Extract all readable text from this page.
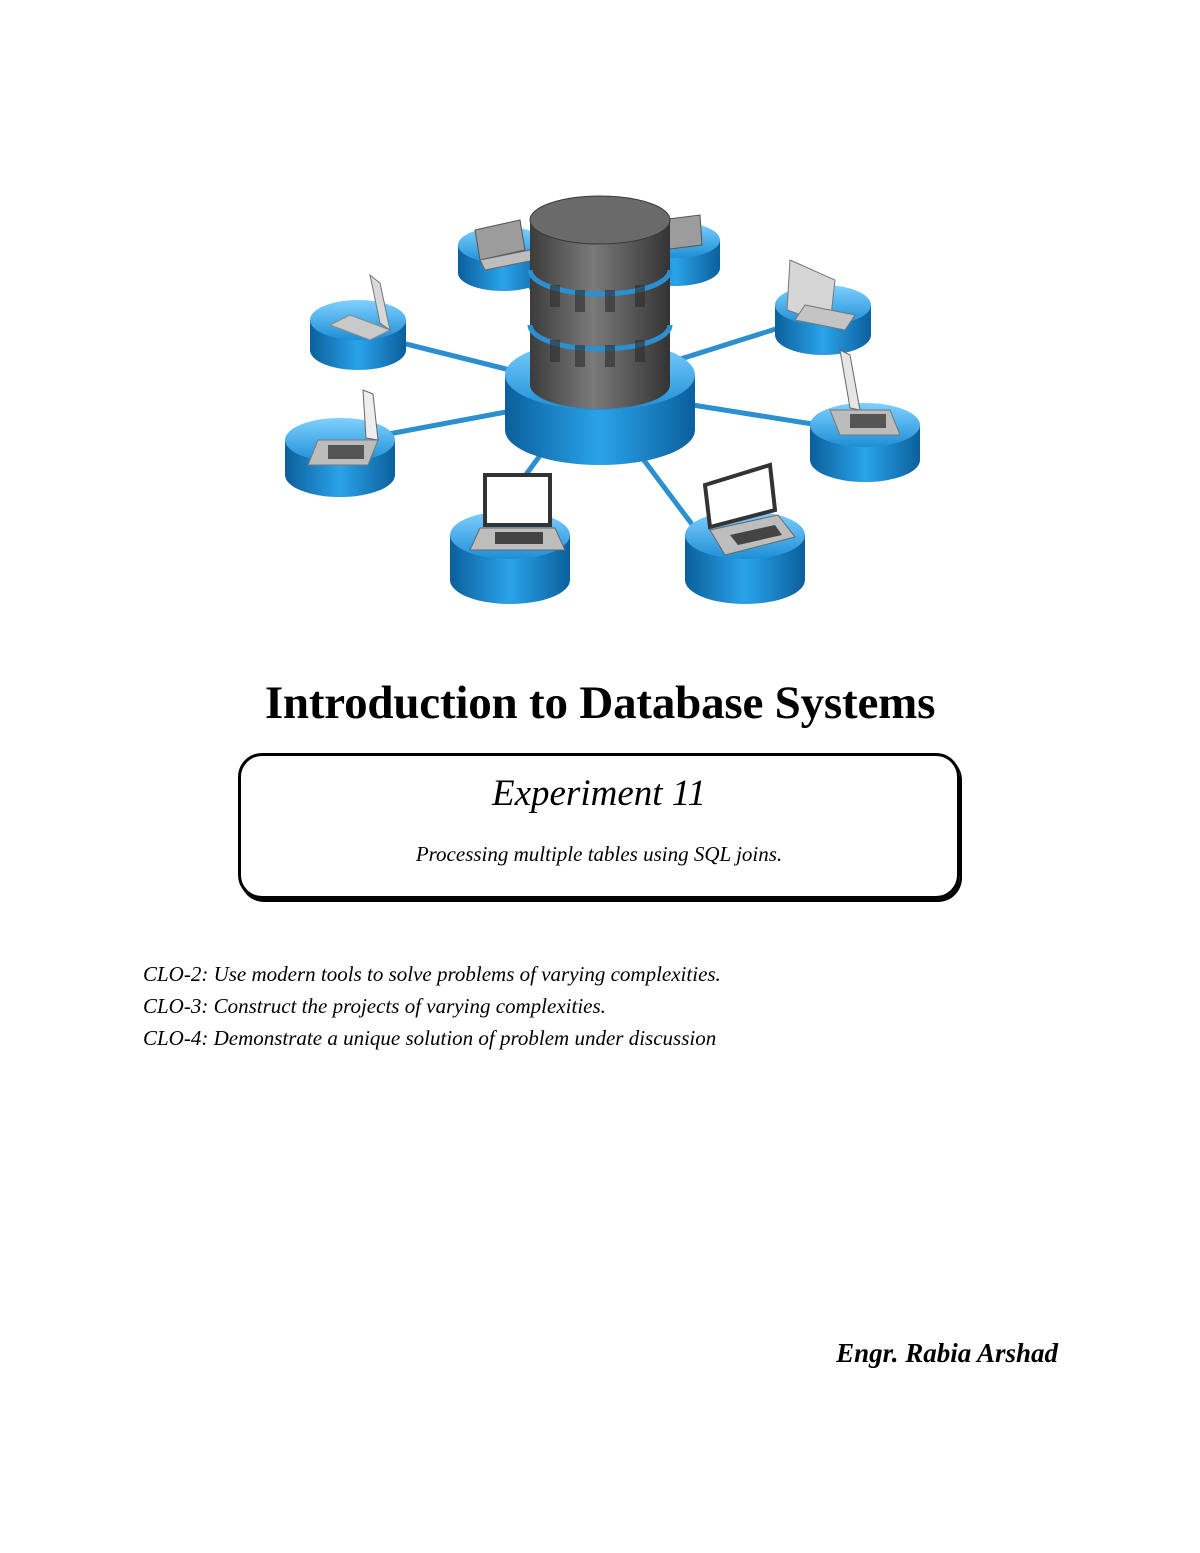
Introduction to Database Systems
Experiment 11
Processing multiple tables using SQL joins.
CLO-2: Use modern tools to solve problems of varying complexities.
CLO-3: Construct the projects of varying complexities.
CLO-4: Demonstrate a unique solution of problem under discussion
Engr. Rabia Arshad
